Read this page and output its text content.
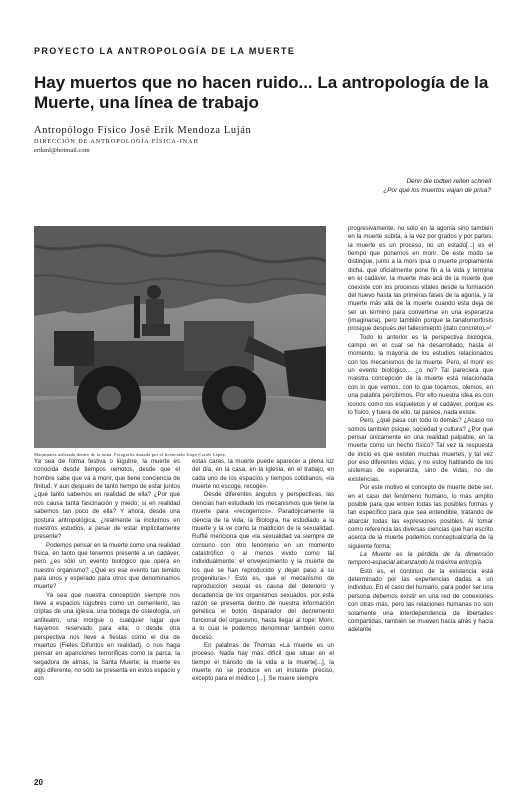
PROYECTO LA ANTROPOLOGÍA DE LA MUERTE
Hay muertos que no hacen ruido... La antropología de la Muerte, una línea de trabajo
Antropólogo Físico José Erik Mendoza Luján
DIRECCIÓN DE ANTROPOLOGÍA FÍSICA-INAH
erikml@hotmail.com
Denn die todten reiten schnell
¿Por qué los muertos viajan de prisa?
Maquinaria utilizada dentro de la mina. Fotografía donada por el licenciado Jorge Cortés López.

Ya sea de forma festiva o lúgubre, la muerte es conocida desde tiempos remotos, desde que el hombre sabe que va a morir, que tiene conciencia de finitud. Y aun después de tanto tiempo de estar juntos ¿qué tanto sabemos en realidad de ella? ¿Por qué nos causa tanta fascinación y miedo; si en realidad sabemos tan poco de ella? Y ahora, desde una postura antropológica, ¿realmente la incluimos en nuestros estudios, a pesar de estar implícitamente presente?

Podemos pensar en la muerte como una realidad física, en tanto que tenemos presente a un cadáver, pero ¿es sólo un evento biológico que opera en nuestro organismo? ¿Qué es ese evento tan temido para unos y esperado para otros que denominamos muerte?

Ya sea que nuestra concepción siempre nos lleve a espacios lúgubres como un cementerio, las criptas de una iglesia, una bodega de osteología, un anfiteatro, una morgue o cualquier lugar que hayamos reservado para ella; o desde otra perspectiva nos lleve a fiestas como el día de muertos (Fieles Difuntos en realidad), o nos haga pensar en apariciones terroríficas como la parca, la segadora de almas, la Santa Muerte; la muerte es algo diferente, no sólo se presenta en estos espacio y con

estas caras, la muerte puede aparecer a plena luz del día, en la casa, en la iglesia, en el trabajo, en cada uno de los espacios y tiempos cotidianos, «la muerte no escoge, recoge».

Desde diferentes ángulos y perspectivas, las ciencias han estudiado los mecanismos que tiene la muerte para «recogernos». Paradójicamente la ciencia de la vida, la Biología, ha estudiado a la muerte y la ve como la maldición de la sexualidad. Ruffié menciona que «la sexualidad va siempre de consuno con otro fenómeno en un momento catastrófico o al menos vivido como tal individualmente: el envejecimiento y la muerte de los que se han reproducido y dejan paso a su progenitura».¹ Esto es, que el mecanismo de reproducción sexual es causa del deterioro y decadencia de los organismos sexuados, por esta razón se presenta dentro de nuestra información genética el botón disparador del decremento funcional del organismo, hasta llegar al tope: Morir, a lo cual le podemos denominar también como deceso.

En palabras de Thomas «La muerte es un proceso. Nada hay más difícil que situar en el tiempo el tránsito de la vida a la muerte[...], la muerte no se produce en un instante preciso, excepto para el médico [...]. Se muere siempre

progresivamente, no sólo en la agonía sino también en la muerte súbita, a la vez por grados y por partes: la muerte es un proceso, no un estado[...] es el tiempo que ponemos en morir. De este modo se distingue, junto a la mors ipsa o muerte propiamente dicha, que oficialmente pone fin a la vida y termina en el cadáver, la muerte más acá de la muerte que coexiste con los procesos vitales desde la formación del huevo hasta las primeras fases de la agonía, y la muerte más allá de la muerte cuando esta deja de ser un término para convertirse en una esperanza (imaginaria), pero también porque la tanatomorfosis prosigue después del fallecimiento (dato concreto).»²

Todo lo anterior es la perspectiva biológica, campo en el cual se ha desarrollado, hasta el momento, la mayoría de los estudios relacionados con los mecanismos de la muerte. Pero, el morir es un evento biológico... ¿o no? Tal pareciera que nuestra concepción de la muerte está relacionada con lo que vemos, con lo que tocamos, olemos, en una palabra percibimos. Por ello nuestra idea es con iconos como los esqueletos y el cadáver, porque es lo físico, y fuera de ello, tal parece, nada existe.

Pero, ¿qué pasa con todo lo demás? ¿Acaso no somos también psique, sociedad y cultura? ¿Por qué pensar únicamente en una realidad palpable, en la muerte como un hecho físico? Tal vez la respuesta de inicio es que existen muchas muertes, y tal vez por eso diferentes vidas, y no estoy hablando de los sistemas de esperanza, sino de vidas, no de existencias.

Por este motivo el concepto de muerte debe ser, en el caso del fenómeno humano, lo más amplio posible para que entren todas las posibles formas y tan específico para que sea entendible, tratando de abarcar todas las expresiones posibles. Al tomar como referencia las diversas ciencias que han escrito acerca de la muerte podemos conceptualizarla de la siguiente forma:

La Muerte es la pérdida de la dimensión temporo-espacial alcanzando la máxima entropía.

Esto es, el continuo de la existencia está determinado por las experiencias dadas a un individuo. En el caso del humano, para poder ser una persona debemos existir en una red de conexiones con otras más, pero las relaciones humanas no son solamente una interdependencia de libertades compartidas, también se mueven hacia atrás y hacia adelante

20
